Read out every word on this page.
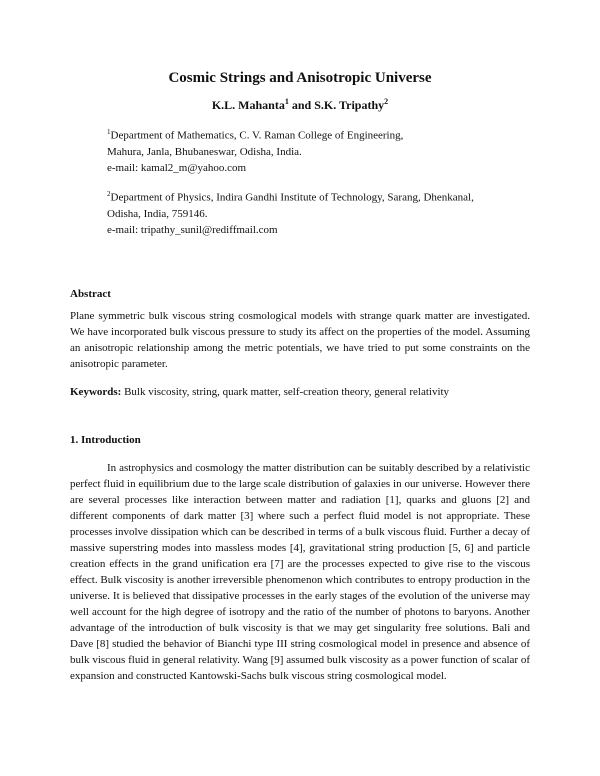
Cosmic Strings and Anisotropic Universe
K.L. Mahanta$^1$ and S.K. Tripathy$^2$
$^1$Department of Mathematics, C. V. Raman College of Engineering,
Mahura, Janla, Bhubaneswar, Odisha, India.
e-mail: kamal2_m@yahoo.com
$^2$Department of Physics, Indira Gandhi Institute of Technology, Sarang, Dhenkanal,
Odisha, India, 759146.
e-mail: tripathy_sunil@rediffmail.com
Abstract
Plane symmetric bulk viscous string cosmological models with strange quark matter are investigated. We have incorporated bulk viscous pressure to study its affect on the properties of the model. Assuming an anisotropic relationship among the metric potentials, we have tried to put some constraints on the anisotropic parameter.
Keywords: Bulk viscosity, string, quark matter, self-creation theory, general relativity
1. Introduction
In astrophysics and cosmology the matter distribution can be suitably described by a relativistic perfect fluid in equilibrium due to the large scale distribution of galaxies in our universe. However there are several processes like interaction between matter and radiation [1], quarks and gluons [2] and different components of dark matter [3] where such a perfect fluid model is not appropriate. These processes involve dissipation which can be described in terms of a bulk viscous fluid. Further a decay of massive superstring modes into massless modes [4], gravitational string production [5, 6] and particle creation effects in the grand unification era [7] are the processes expected to give rise to the viscous effect. Bulk viscosity is another irreversible phenomenon which contributes to entropy production in the universe. It is believed that dissipative processes in the early stages of the evolution of the universe may well account for the high degree of isotropy and the ratio of the number of photons to baryons. Another advantage of the introduction of bulk viscosity is that we may get singularity free solutions. Bali and Dave [8] studied the behavior of Bianchi type III string cosmological model in presence and absence of bulk viscous fluid in general relativity. Wang [9] assumed bulk viscosity as a power function of scalar of expansion and constructed Kantowski-Sachs bulk viscous string cosmological model.
